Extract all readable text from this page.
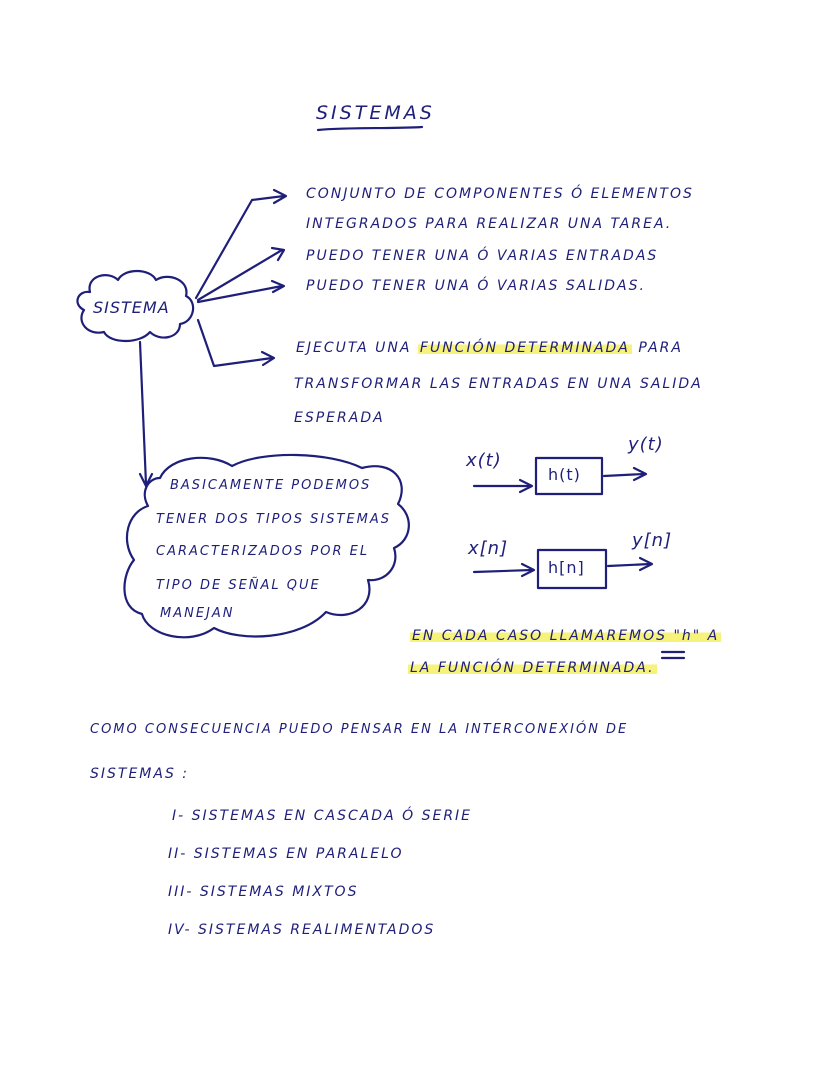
SISTEMAS
SISTEMA
CONJUNTO DE COMPONENTES Ó ELEMENTOS
INTEGRADOS PARA REALIZAR UNA TAREA.
PUEDO TENER UNA Ó VARIAS ENTRADAS
PUEDO TENER UNA Ó VARIAS SALIDAS.
EJECUTA UNA FUNCIÓN DETERMINADA PARA
TRANSFORMAR LAS ENTRADAS EN UNA SALIDA
ESPERADA
BASICAMENTE PODEMOS
TENER DOS TIPOS SISTEMAS
CARACTERIZADOS POR EL
TIPO DE SEÑAL QUE
MANEJAN
x(t)
h(t)
y(t)
x[n]
h[n]
y[n]
EN CADA CASO LLAMAREMOS "h" A
LA FUNCIÓN DETERMINADA.
COMO CONSECUENCIA PUEDO PENSAR EN LA INTERCONEXIÓN DE
SISTEMAS :
I- SISTEMAS EN CASCADA Ó SERIE
II- SISTEMAS EN PARALELO
III- SISTEMAS MIXTOS
IV- SISTEMAS REALIMENTADOS
